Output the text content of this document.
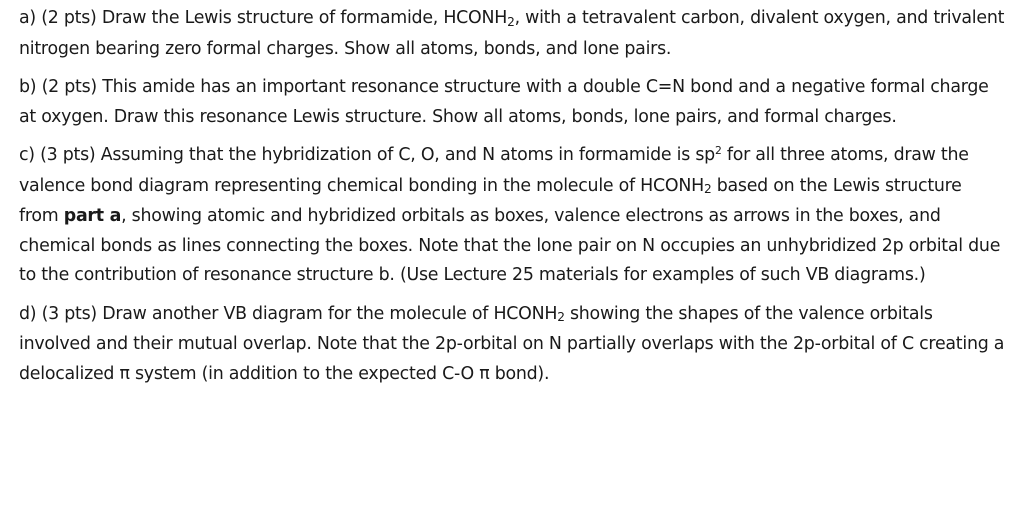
a) (2 pts) Draw the Lewis structure of formamide, HCONH2, with a tetravalent carbon, divalent oxygen, and trivalent nitrogen bearing zero formal charges. Show all atoms, bonds, and lone pairs.

b) (2 pts) This amide has an important resonance structure with a double C=N bond and a negative formal charge at oxygen. Draw this resonance Lewis structure. Show all atoms, bonds, lone pairs, and formal charges.

c) (3 pts) Assuming that the hybridization of C, O, and N atoms in formamide is $sp^2$ for all three atoms, draw the valence bond diagram representing chemical bonding in the molecule of HCONH2 based on the Lewis structure from part a, showing atomic and hybridized orbitals as boxes, valence electrons as arrows in the boxes, and chemical bonds as lines connecting the boxes. Note that the lone pair on N occupies an unhybridized 2p orbital due to the contribution of resonance structure b. (Use Lecture 25 materials for examples of such VB diagrams.)

d) (3 pts) Draw another VB diagram for the molecule of HCONH2 showing the shapes of the valence orbitals involved and their mutual overlap. Note that the 2p-orbital on N partially overlaps with the 2p-orbital of C creating a delocalized π system (in addition to the expected C-O π bond).
